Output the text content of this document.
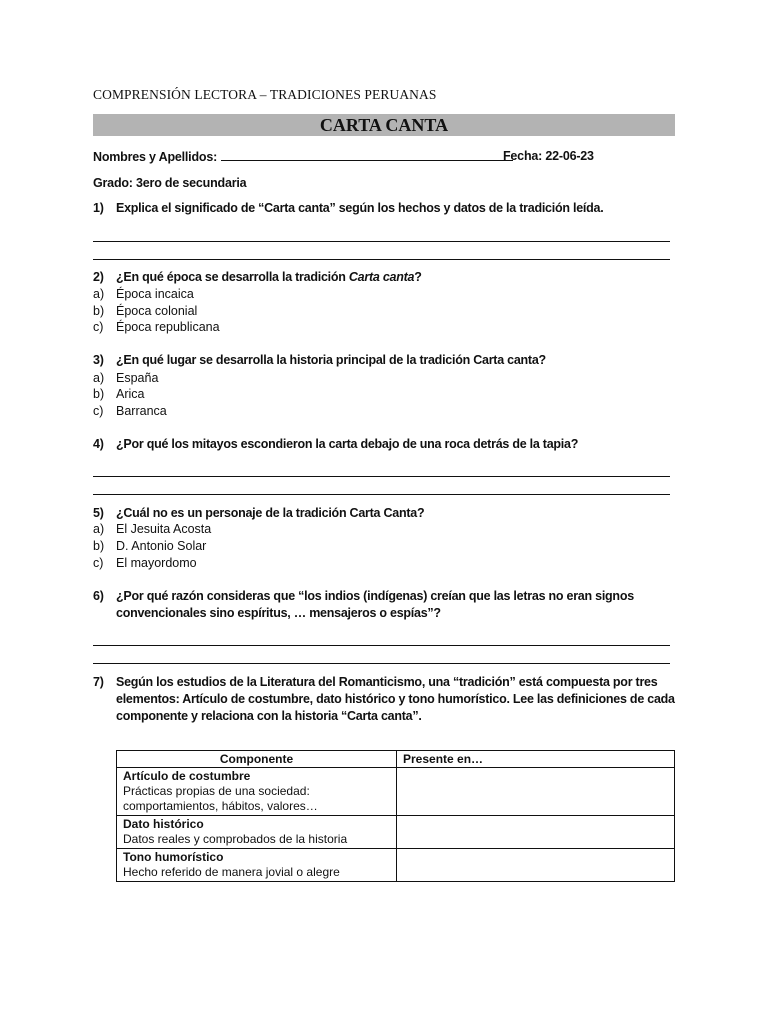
COMPRENSIÓN LECTORA – TRADICIONES PERUANAS
CARTA CANTA
Nombres y Apellidos:	Fecha: 22-06-23
Grado: 3ero de secundaria
1) Explica el significado de “Carta canta” según los hechos y datos de la tradición leída.
2) ¿En qué época se desarrolla la tradición Carta canta?
a) Época incaica
b) Época colonial
c) Época republicana
3) ¿En qué lugar se desarrolla la historia principal de la tradición Carta canta?
a) España
b) Arica
c) Barranca
4) ¿Por qué los mitayos escondieron la carta debajo de una roca detrás de la tapia?
5) ¿Cuál no es un personaje de la tradición Carta Canta?
a) El Jesuita Acosta
b) D. Antonio Solar
c) El mayordomo
6) ¿Por qué razón consideras que “los indios (indígenas) creían que las letras no eran signos convencionales sino espíritus, … mensajeros o espías”?
7) Según los estudios de la Literatura del Romanticismo, una “tradición” está compuesta por tres elementos: Artículo de costumbre, dato histórico y tono humorístico. Lee las definiciones de cada componente y relaciona con la historia “Carta canta”.
Componente	Presente en…

Artículo de costumbre
Prácticas propias de una sociedad:
comportamientos, hábitos, valores…	

Dato histórico
Datos reales y comprobados de la historia	

Tono humorístico
Hecho referido de manera jovial o alegre	
